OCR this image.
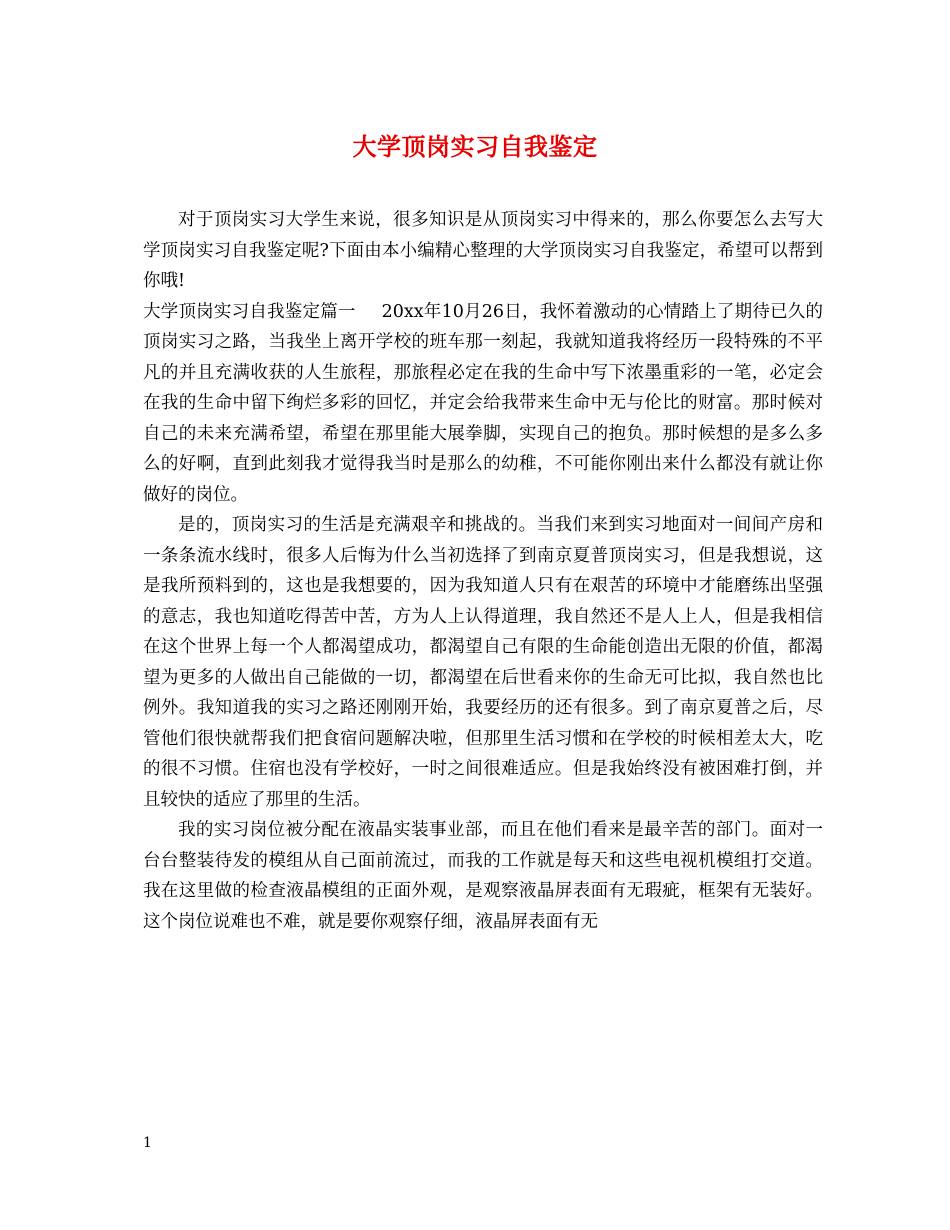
大学顶岗实习自我鉴定

对于顶岗实习大学生来说，很多知识是从顶岗实习中得来的，那么你要怎么去写大学顶岗实习自我鉴定呢?下面由本小编精心整理的大学顶岗实习自我鉴定，希望可以帮到你哦!

大学顶岗实习自我鉴定篇一 20xx年10月26日，我怀着激动的心情踏上了期待已久的顶岗实习之路，当我坐上离开学校的班车那一刻起，我就知道我将经历一段特殊的不平凡的并且充满收获的人生旅程，那旅程必定在我的生命中写下浓墨重彩的一笔，必定会在我的生命中留下绚烂多彩的回忆，并定会给我带来生命中无与伦比的财富。那时候对自己的未来充满希望，希望在那里能大展拳脚，实现自己的抱负。那时候想的是多么多么的好啊，直到此刻我才觉得我当时是那么的幼稚，不可能你刚出来什么都没有就让你做好的岗位。

是的，顶岗实习的生活是充满艰辛和挑战的。当我们来到实习地面对一间间产房和一条条流水线时，很多人后悔为什么当初选择了到南京夏普顶岗实习，但是我想说，这是我所预料到的，这也是我想要的，因为我知道人只有在艰苦的环境中才能磨练出坚强的意志，我也知道吃得苦中苦，方为人上认得道理，我自然还不是人上人，但是我相信在这个世界上每一个人都渴望成功，都渴望自己有限的生命能创造出无限的价值，都渴望为更多的人做出自己能做的一切，都渴望在后世看来你的生命无可比拟，我自然也比例外。我知道我的实习之路还刚刚开始，我要经历的还有很多。到了南京夏普之后，尽管他们很快就帮我们把食宿问题解决啦，但那里生活习惯和在学校的时候相差太大，吃的很不习惯。住宿也没有学校好，一时之间很难适应。但是我始终没有被困难打倒，并且较快的适应了那里的生活。

我的实习岗位被分配在液晶实装事业部，而且在他们看来是最辛苦的部门。面对一台台整装待发的模组从自己面前流过，而我的工作就是每天和这些电视机模组打交道。我在这里做的检查液晶模组的正面外观，是观察液晶屏表面有无瑕疵，框架有无装好。这个岗位说难也不难，就是要你观察仔细，液晶屏表面有无

1
